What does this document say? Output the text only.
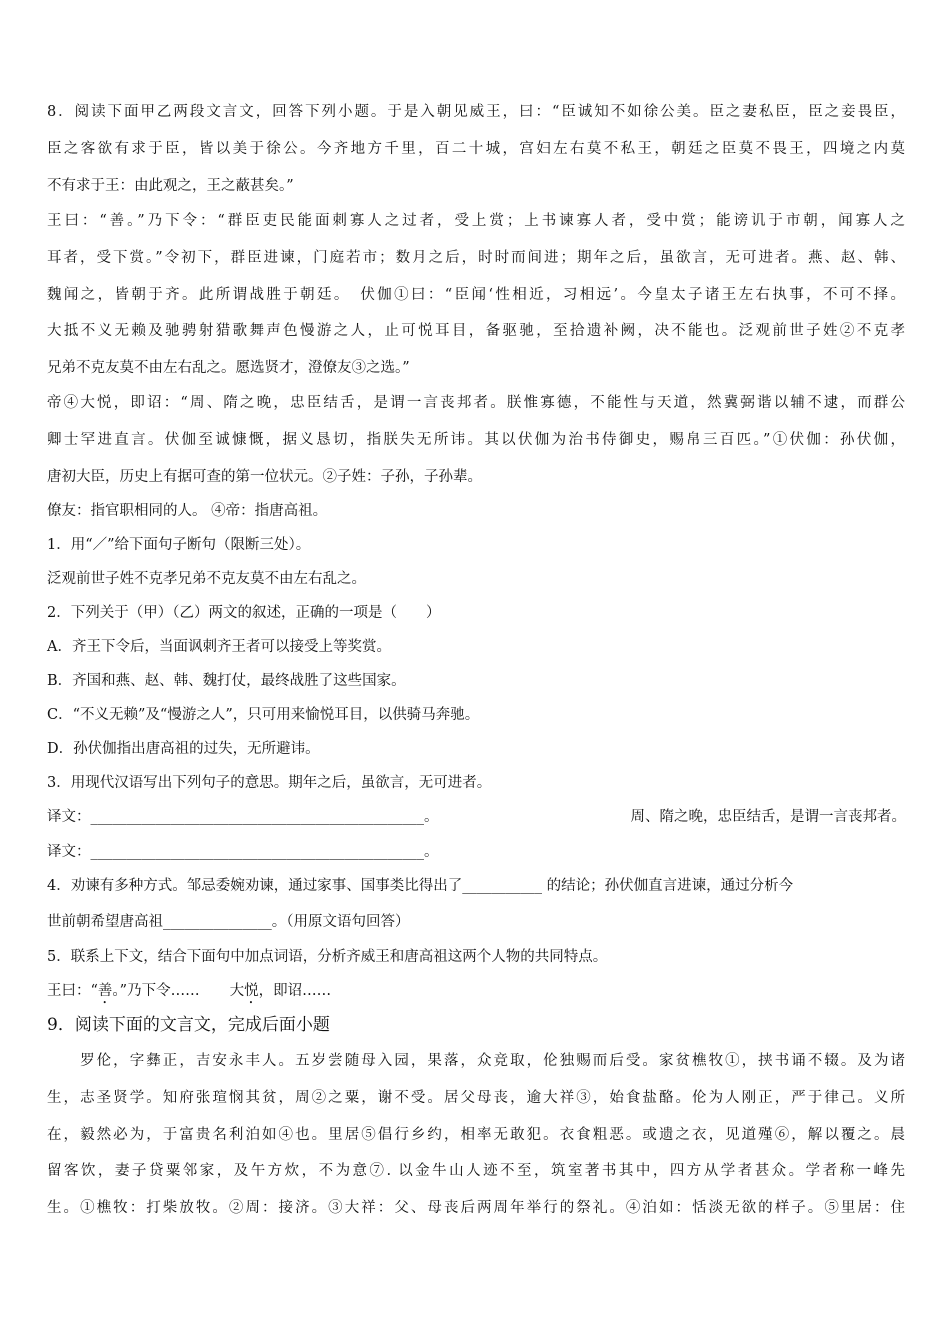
8．阅读下面甲乙两段文言文，回答下列小题。于是入朝见威王，曰：“臣诚知不如徐公美。臣之妻私臣，臣之妾畏臣，
臣之客欲有求于臣，皆以美于徐公。今齐地方千里，百二十城，宫妇左右莫不私王，朝廷之臣莫不畏王，四境之内莫
不有求于王：由此观之，王之蔽甚矣。”
王曰：“善。”乃下令：“群臣吏民能面刺寡人之过者，受上赏；上书谏寡人者，受中赏；能谤讥于市朝，闻寡人之
耳者，受下赏。”令初下，群臣进谏，门庭若市；数月之后，时时而间进；期年之后，虽欲言，无可进者。燕、赵、韩、
魏闻之，皆朝于齐。此所谓战胜于朝廷。　伏伽①曰：“臣闻‘性相近，习相远’。今皇太子诸王左右执事，不可不择。
大抵不义无赖及驰骋射猎歌舞声色慢游之人，止可悦耳目，备驱驰，至拾遗补阙，决不能也。泛观前世子姓②不克孝
兄弟不克友莫不由左右乱之。愿选贤才，澄僚友③之选。”
帝④大悦，即诏：“周、隋之晚，忠臣结舌，是谓一言丧邦者。朕惟寡德，不能性与天道，然冀弼谐以辅不逮，而群公
卿士罕进直言。伏伽至诚慷慨，据义恳切，指朕失无所讳。其以伏伽为治书侍御史，赐帛三百匹。”①伏伽：孙伏伽，
唐初大臣，历史上有据可查的第一位状元。②子姓：子孙，子孙辈。
僚友：指官职相同的人。 ④帝：指唐高祖。
1．用“／”给下面句子断句（限断三处）。
泛观前世子姓不克孝兄弟不克友莫不由左右乱之。
2．下列关于（甲）（乙）两文的叙述，正确的一项是（　　）
A．齐王下令后，当面讽刺齐王者可以接受上等奖赏。
B．齐国和燕、赵、韩、魏打仗，最终战胜了这些国家。
C．“不义无赖”及“慢游之人”，只可用来愉悦耳目，以供骑马奔驰。
D．孙伏伽指出唐高祖的过失，无所避讳。
3．用现代汉语写出下列句子的意思。期年之后，虽欲言，无可进者。
译文：______________________________________________。	周、隋之晚，忠臣结舌，是谓一言丧邦者。
译文：______________________________________________。
4．劝谏有多种方式。邹忌委婉劝谏，通过家事、国事类比得出了___________ 的结论；孙伏伽直言进谏，通过分析今
世前朝希望唐高祖_______________。（用原文语句回答）
5．联系上下文，结合下面句中加点词语，分析齐威王和唐高祖这两个人物的共同特点。
王曰：“善。”乃下令…… 大悦，即诏……
9．阅读下面的文言文，完成后面小题
　　罗伦，字彝正，吉安永丰人。五岁尝随母入园，果落，众竞取，伦独赐而后受。家贫樵牧①，挟书诵不辍。及为诸
生，志圣贤学。知府张瑄悯其贫，周②之粟，谢不受。居父母丧，逾大祥③，始食盐酪。伦为人刚正，严于律己。义所
在，毅然必为，于富贵名利泊如④也。里居⑤倡行乡约，相率无敢犯。衣食粗恶。或遗之衣，见道殣⑥，解以覆之。晨
留客饮，妻子贷粟邻家，及午方炊，不为意⑦. 以金牛山人迹不至，筑室著书其中，四方从学者甚众。学者称一峰先
生。①樵牧：打柴放牧。②周：接济。③大祥：父、母丧后两周年举行的祭礼。④泊如：恬淡无欲的样子。⑤里居：住
